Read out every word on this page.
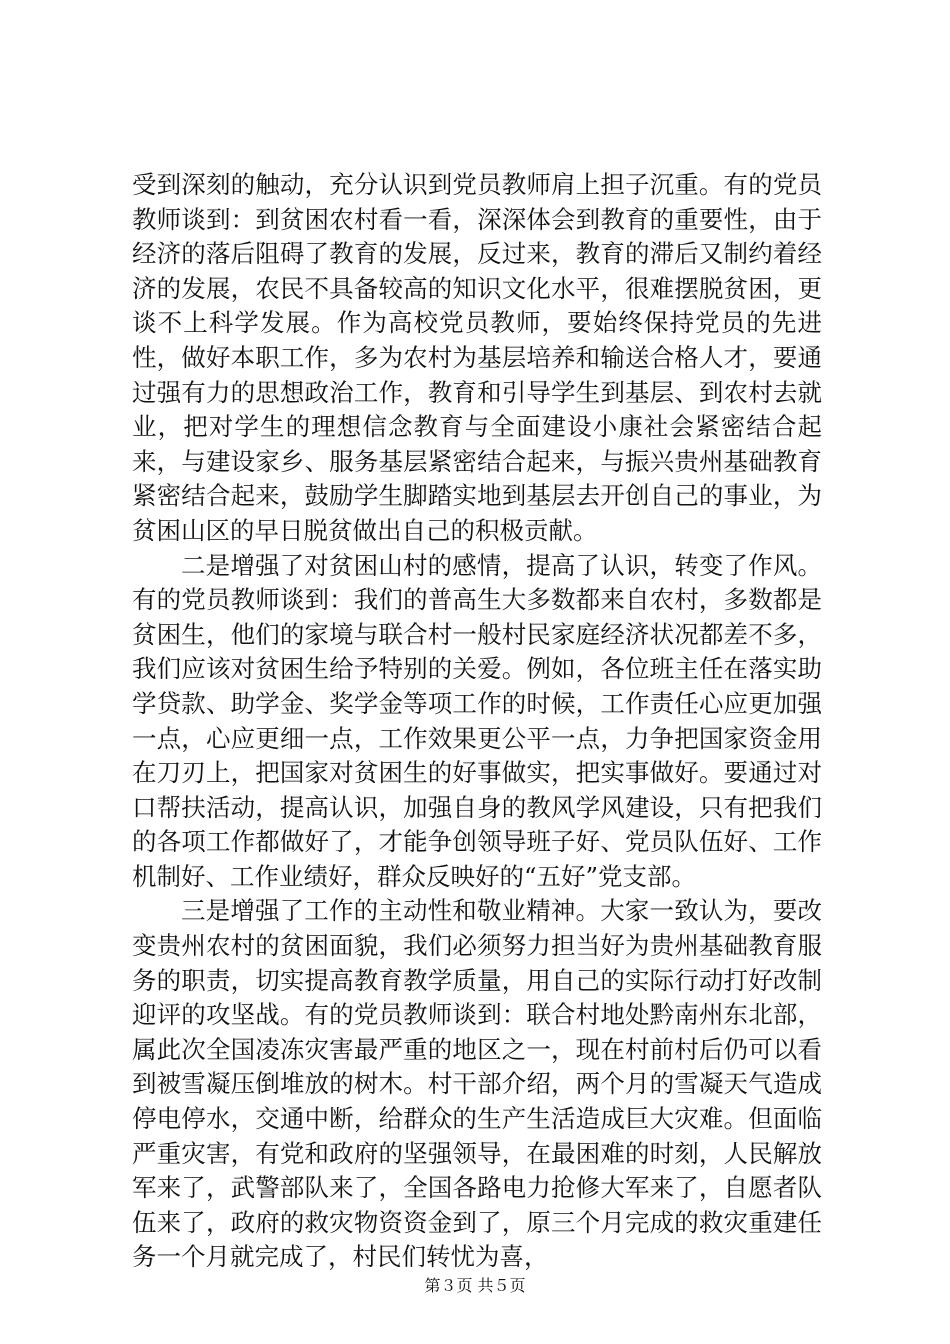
受到深刻的触动，充分认识到党员教师肩上担子沉重。有的党员教师谈到：到贫困农村看一看，深深体会到教育的重要性，由于经济的落后阻碍了教育的发展，反过来，教育的滞后又制约着经济的发展，农民不具备较高的知识文化水平，很难摆脱贫困，更谈不上科学发展。作为高校党员教师，要始终保持党员的先进性，做好本职工作，多为农村为基层培养和输送合格人才，要通过强有力的思想政治工作，教育和引导学生到基层、到农村去就业，把对学生的理想信念教育与全面建设小康社会紧密结合起来，与建设家乡、服务基层紧密结合起来，与振兴贵州基础教育紧密结合起来，鼓励学生脚踏实地到基层去开创自己的事业，为贫困山区的早日脱贫做出自己的积极贡献。

二是增强了对贫困山村的感情，提高了认识，转变了作风。有的党员教师谈到：我们的普高生大多数都来自农村，多数都是贫困生，他们的家境与联合村一般村民家庭经济状况都差不多，我们应该对贫困生给予特别的关爱。例如，各位班主任在落实助学贷款、助学金、奖学金等项工作的时候，工作责任心应更加强一点，心应更细一点，工作效果更公平一点，力争把国家资金用在刀刃上，把国家对贫困生的好事做实，把实事做好。要通过对口帮扶活动，提高认识，加强自身的教风学风建设，只有把我们的各项工作都做好了，才能争创领导班子好、党员队伍好、工作机制好、工作业绩好，群众反映好的“五好”党支部。

三是增强了工作的主动性和敬业精神。大家一致认为，要改变贵州农村的贫困面貌，我们必须努力担当好为贵州基础教育服务的职责，切实提高教育教学质量，用自己的实际行动打好改制迎评的攻坚战。有的党员教师谈到：联合村地处黔南州东北部，属此次全国凌冻灾害最严重的地区之一，现在村前村后仍可以看到被雪凝压倒堆放的树木。村干部介绍，两个月的雪凝天气造成停电停水，交通中断，给群众的生产生活造成巨大灾难。但面临严重灾害，有党和政府的坚强领导，在最困难的时刻，人民解放军来了，武警部队来了，全国各路电力抢修大军来了，自愿者队伍来了，政府的救灾物资资金到了，原三个月完成的救灾重建任务一个月就完成了，村民们转忧为喜，

第３页 共５页
